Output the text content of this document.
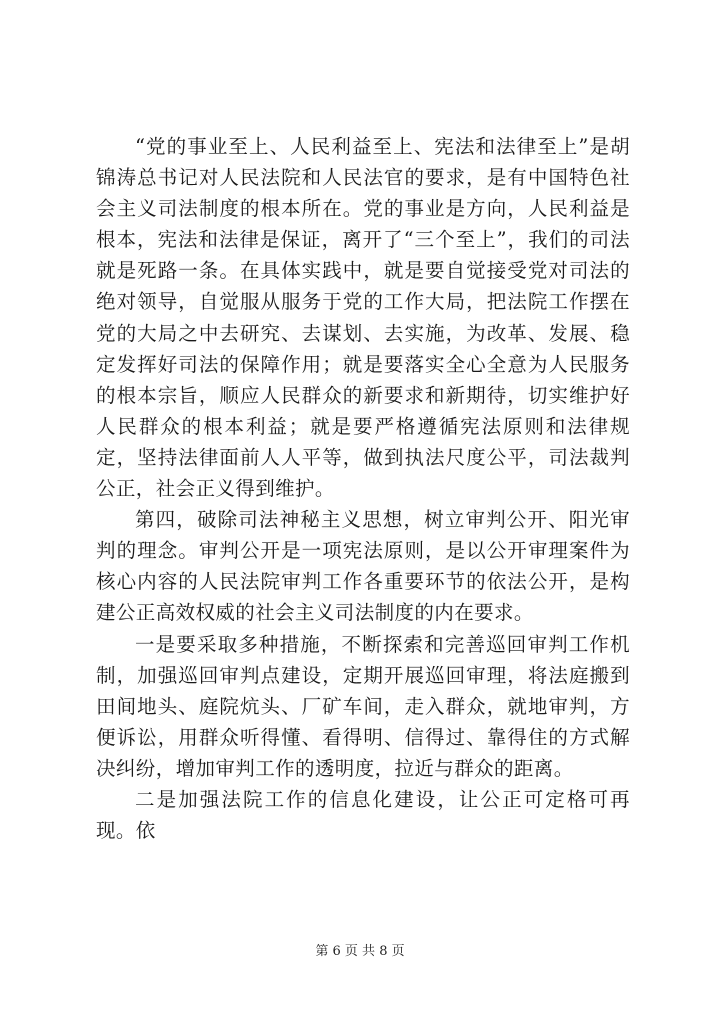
“党的事业至上、人民利益至上、宪法和法律至上”是胡锦涛总书记对人民法院和人民法官的要求，是有中国特色社会主义司法制度的根本所在。党的事业是方向，人民利益是根本，宪法和法律是保证，离开了“三个至上”，我们的司法就是死路一条。在具体实践中，就是要自觉接受党对司法的绝对领导，自觉服从服务于党的工作大局，把法院工作摆在党的大局之中去研究、去谋划、去实施，为改革、发展、稳定发挥好司法的保障作用；就是要落实全心全意为人民服务的根本宗旨，顺应人民群众的新要求和新期待，切实维护好人民群众的根本利益；就是要严格遵循宪法原则和法律规定，坚持法律面前人人平等，做到执法尺度公平，司法裁判公正，社会正义得到维护。

第四，破除司法神秘主义思想，树立审判公开、阳光审判的理念。审判公开是一项宪法原则，是以公开审理案件为核心内容的人民法院审判工作各重要环节的依法公开，是构建公正高效权威的社会主义司法制度的内在要求。

一是要采取多种措施，不断探索和完善巡回审判工作机制，加强巡回审判点建设，定期开展巡回审理，将法庭搬到田间地头、庭院炕头、厂矿车间，走入群众，就地审判，方便诉讼，用群众听得懂、看得明、信得过、靠得住的方式解决纠纷，增加审判工作的透明度，拉近与群众的距离。

二是加强法院工作的信息化建设，让公正可定格可再现。依

第 6 页 共 8 页
